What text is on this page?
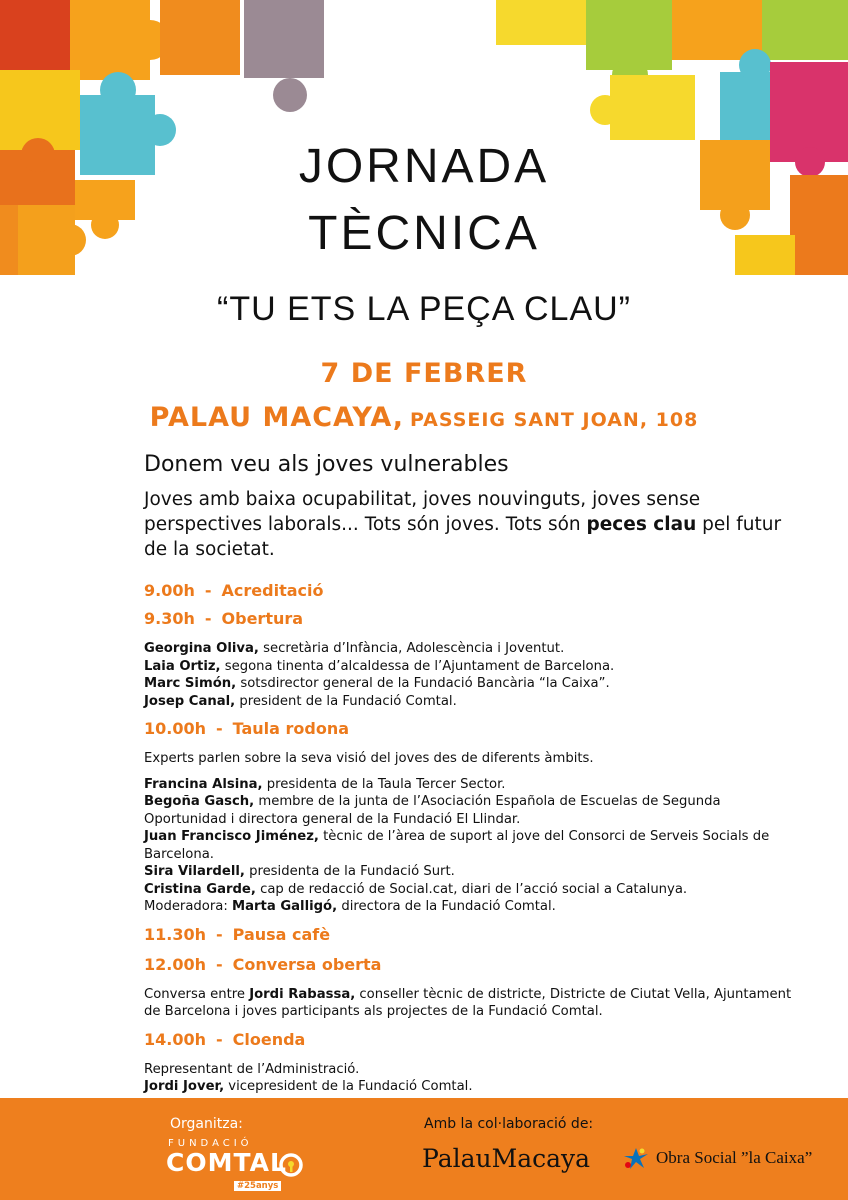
JORNADA
TÈCNICA
“TU ETS LA PEÇA CLAU”
7 DE FEBRER
PALAU MACAYA, PASSEIG SANT JOAN, 108

Donem veu als joves vulnerables

Joves amb baixa ocupabilitat, joves nouvinguts, joves sense perspectives laborals... Tots són joves. Tots són peces clau pel futur de la societat.

9.00h - Acreditació

9.30h - Obertura

Georgina Oliva, secretària d’Infància, Adolescència i Joventut.

Laia Ortiz, segona tinenta d’alcaldessa de l’Ajuntament de Barcelona.

Marc Simón, sotsdirector general de la Fundació Bancària “la Caixa”.

Josep Canal, president de la Fundació Comtal.

10.00h - Taula rodona

Experts parlen sobre la seva visió del joves des de diferents àmbits.

Francina Alsina, presidenta de la Taula Tercer Sector.

Begoña Gasch, membre de la junta de l’Asociación Española de Escuelas de Segunda Oportunidad i directora general de la Fundació El Llindar.

Juan Francisco Jiménez, tècnic de l’àrea de suport al jove del Consorci de Serveis Socials de Barcelona.

Sira Vilardell, presidenta de la Fundació Surt.

Cristina Garde, cap de redacció de Social.cat, diari de l’acció social a Catalunya.

Moderadora: Marta Galligó, directora de la Fundació Comtal.

11.30h - Pausa cafè

12.00h - Conversa oberta

Conversa entre Jordi Rabassa, conseller tècnic de districte, Districte de Ciutat Vella, Ajuntament de Barcelona i joves participants als projectes de la Fundació Comtal.

14.00h - Cloenda

Representant de l’Administració.

Jordi Jover, vicepresident de la Fundació Comtal.

Organitza:
FUNDACIÓ
COMTAL
#25anys
Amb la col·laboració de:
PalauMacaya	Obra Social ”la Caixa”
